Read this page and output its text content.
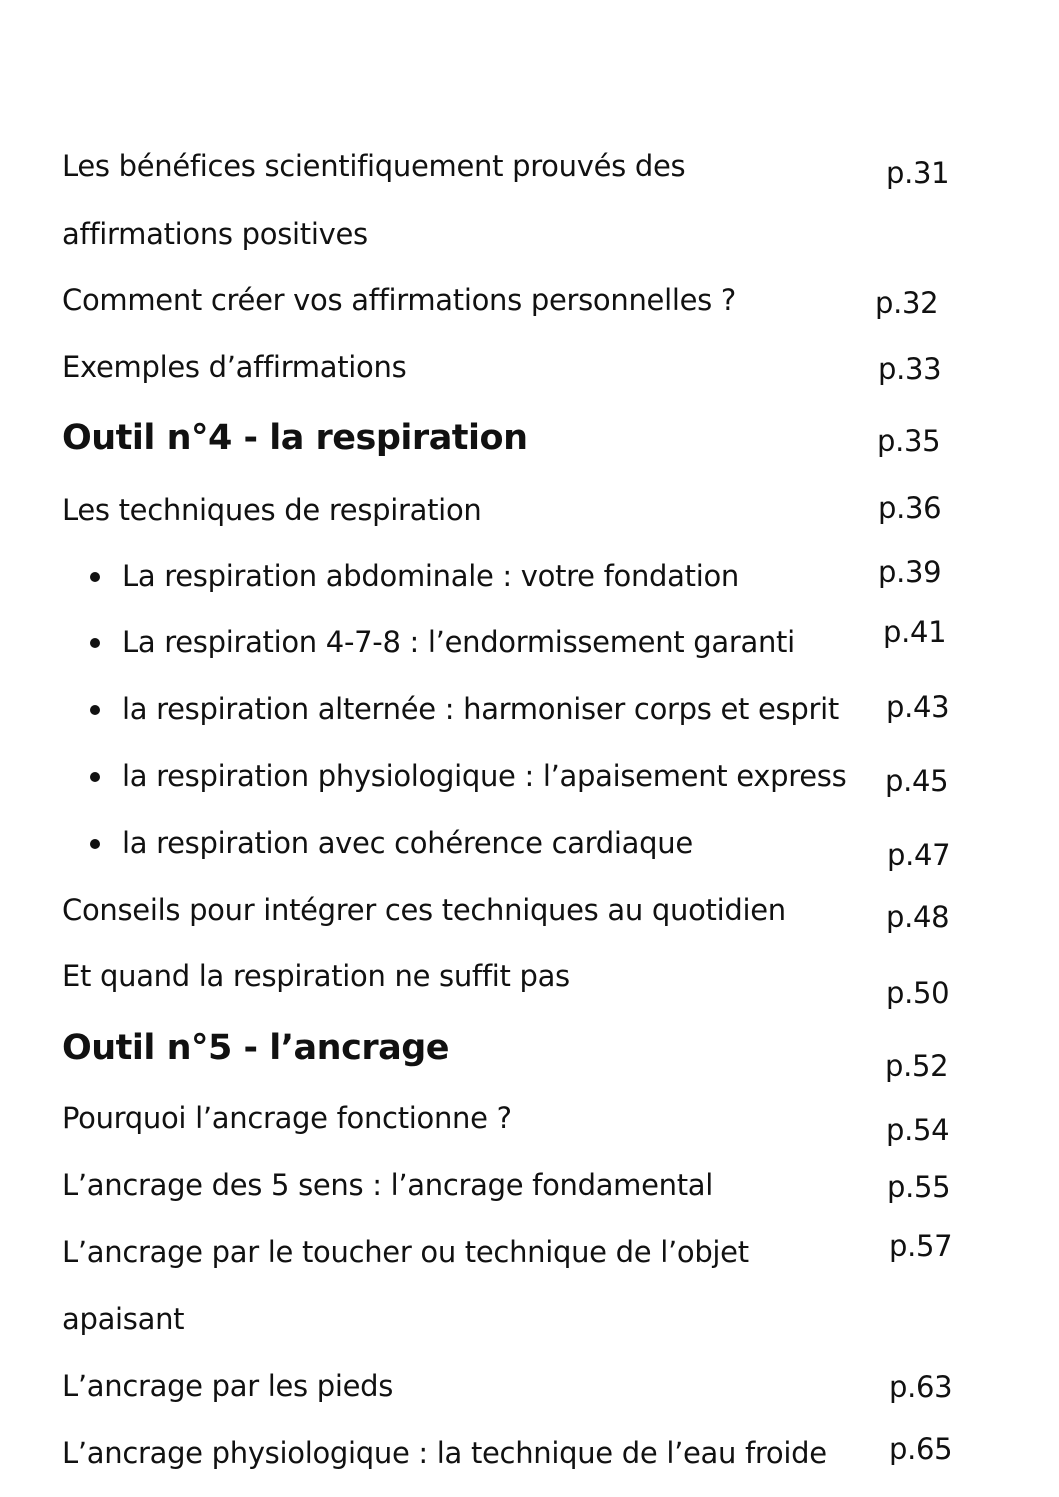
Les bénéfices scientifiquement prouvés des	p.31
affirmations positives
Comment créer vos affirmations personnelles ?	p.32
Exemples d’affirmations	p.33
Outil n°4 - la respiration	p.35
Les techniques de respiration	p.36
La respiration abdominale : votre fondation	p.39
La respiration 4-7-8 : l’endormissement garanti	p.41
la respiration alternée : harmoniser corps et esprit p.43
la respiration physiologique : l’apaisement express p.45
la respiration avec cohérence cardiaque	p.47
Conseils pour intégrer ces techniques au quotidien	p.48
Et quand la respiration ne suffit pas	p.50
Outil n°5 - l’ancrage	p.52
Pourquoi l’ancrage fonctionne ?	p.54
L’ancrage des 5 sens : l’ancrage fondamental	p.55
L’ancrage par le toucher ou technique de l’objet	p.57
apaisant
L’ancrage par les pieds	p.63
L’ancrage physiologique : la technique de l’eau froide p.65
